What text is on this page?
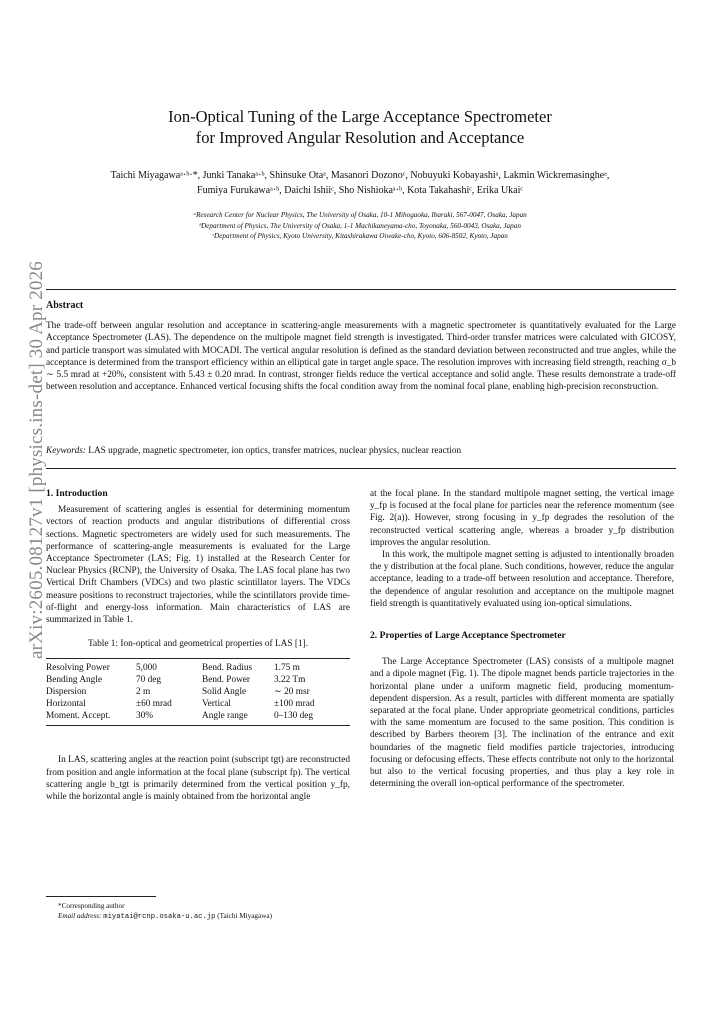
arXiv:2605.08127v1 [physics.ins-det] 30 Apr 2026
Ion-Optical Tuning of the Large Acceptance Spectrometer
for Improved Angular Resolution and Acceptance
Taichi Miyagawaᵃ·ᵇ·*, Junki Tanakaᵃ·ᵇ, Shinsuke Otaᵃ, Masanori Dozonoᶜ, Nobuyuki Kobayashiᵃ, Lakmin Wickremasingheᵃ,
Fumiya Furukawaᵃ·ᵇ, Daichi Ishiiᶜ, Sho Nishiokaᵃ·ᵇ, Kota Takahashiᶜ, Erika Ukaiᶜ
ᵃResearch Center for Nuclear Physics, The University of Osaka, 10-1 Mihogaoka, Ibaraki, 567-0047, Osaka, Japan
ᵇDepartment of Physics, The University of Osaka, 1-1 Machikaneyama-cho, Toyonaka, 560-0043, Osaka, Japan
ᶜDepartment of Physics, Kyoto University, Kitashirakawa Oiwake-cho, Kyoto, 606-8502, Kyoto, Japan
Abstract
The trade-off between angular resolution and acceptance in scattering-angle measurements with a magnetic spectrometer is quantitatively evaluated for the Large Acceptance Spectrometer (LAS). The dependence on the multipole magnet field strength is investigated. Third-order transfer matrices were calculated with GICOSY, and particle transport was simulated with MOCADI. The vertical angular resolution is defined as the standard deviation between reconstructed and true angles, while the acceptance is determined from the transport efficiency within an elliptical gate in target angle space. The resolution improves with increasing field strength, reaching σ_b ∼ 5.5 mrad at +20%, consistent with 5.43 ± 0.20 mrad. In contrast, stronger fields reduce the vertical acceptance and solid angle. These results demonstrate a trade-off between resolution and acceptance. Enhanced vertical focusing shifts the focal condition away from the nominal focal plane, enabling high-precision reconstruction.
Keywords: LAS upgrade, magnetic spectrometer, ion optics, transfer matrices, nuclear physics, nuclear reaction
1. Introduction

Measurement of scattering angles is essential for determining momentum vectors of reaction products and angular distributions of differential cross sections. Magnetic spectrometers are widely used for such measurements. The performance of scattering-angle measurements is evaluated for the Large Acceptance Spectrometer (LAS; Fig. 1) installed at the Research Center for Nuclear Physics (RCNP), the University of Osaka. The LAS focal plane has two Vertical Drift Chambers (VDCs) and two plastic scintillator layers. The VDCs measure positions to reconstruct trajectories, while the scintillators provide time-of-flight and energy-loss information. Main characteristics of LAS are summarized in Table 1.

Table 1: Ion-optical and geometrical properties of LAS [1].
Resolving Power	5,000	Bend. Radius	1.75 m
Bending Angle	70 deg	Bend. Power	3.22 Tm
Dispersion	2 m	Solid Angle	∼ 20 msr
Horizontal	±60 mrad	Vertical	±100 mrad
Moment. Accept.	30%	Angle range	0–130 deg

In LAS, scattering angles at the reaction point (subscript tgt) are reconstructed from position and angle information at the focal plane (subscript fp). The vertical scattering angle b_tgt is primarily determined from the vertical position y_fp, while the horizontal angle is mainly obtained from the horizontal angle

*Corresponding author
Email address: miyatai@rcnp.osaka-u.ac.jp (Taichi Miyagawa)

at the focal plane. In the standard multipole magnet setting, the vertical image y_fp is focused at the focal plane for particles near the reference momentum (see Fig. 2(a)). However, strong focusing in y_fp degrades the resolution of the reconstructed vertical scattering angle, whereas a broader y_fp distribution improves the angular resolution.

In this work, the multipole magnet setting is adjusted to intentionally broaden the y distribution at the focal plane. Such conditions, however, reduce the angular acceptance, leading to a trade-off between resolution and acceptance. Therefore, the dependence of angular resolution and acceptance on the multipole magnet field strength is quantitatively evaluated using ion-optical simulations.

2. Properties of Large Acceptance Spectrometer

The Large Acceptance Spectrometer (LAS) consists of a multipole magnet and a dipole magnet (Fig. 1). The dipole magnet bends particle trajectories in the horizontal plane under a uniform magnetic field, producing momentum-dependent dispersion. As a result, particles with different momenta are spatially separated at the focal plane. Under appropriate geometrical conditions, particles with the same momentum are focused to the same position. This condition is described by Barbers theorem [3]. The inclination of the entrance and exit boundaries of the magnetic field modifies particle trajectories, introducing focusing or defocusing effects. These effects contribute not only to the horizontal but also to the vertical focusing properties, and thus play a key role in determining the overall ion-optical performance of the spectrometer.
